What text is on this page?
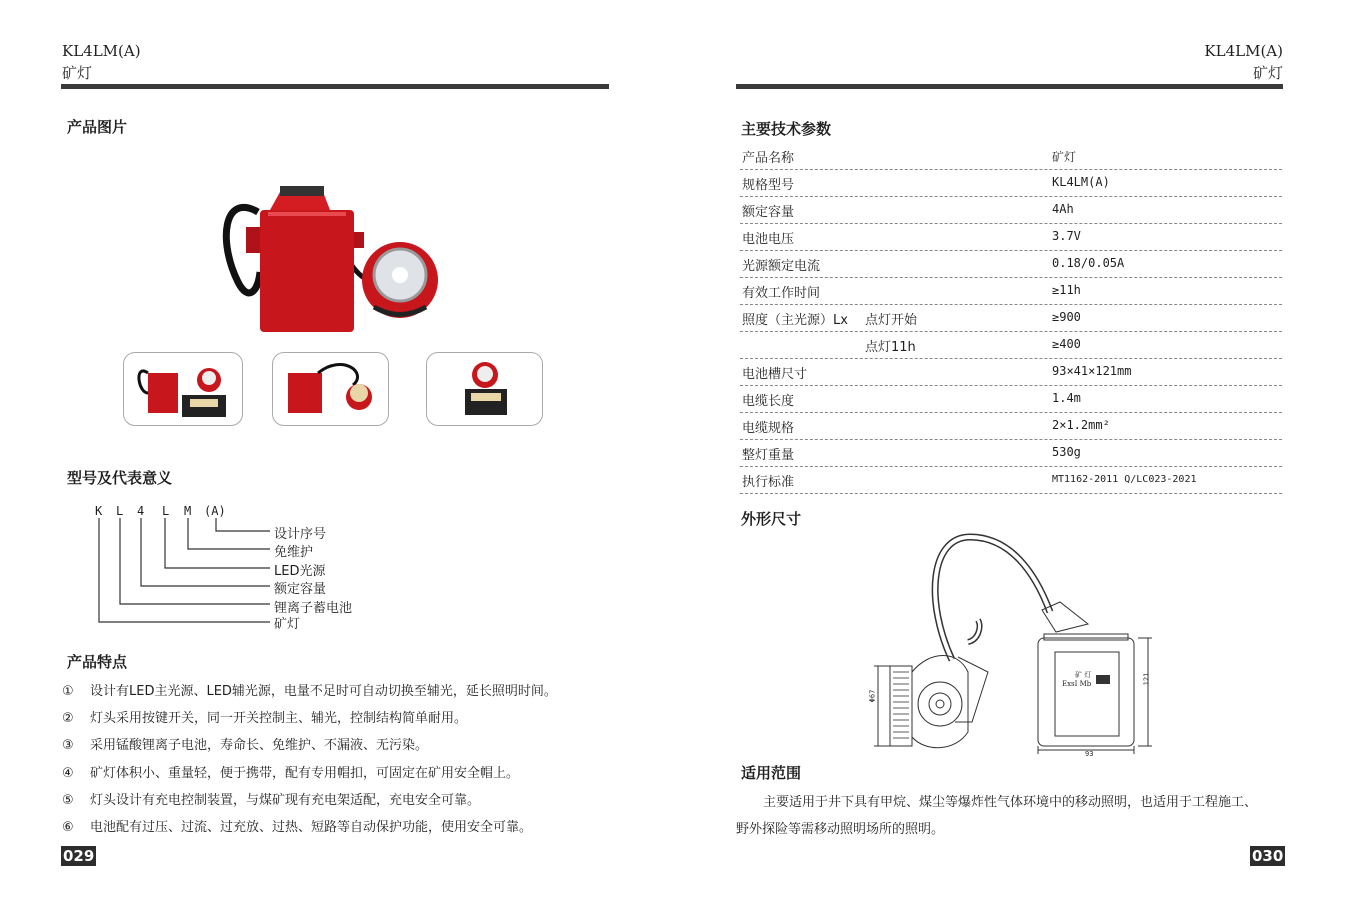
KL4LM(A)
矿灯
产品图片
型号及代表意义
K L 4 L M (A)
设计序号
免维护
LED光源
额定容量
锂离子蓄电池
矿灯
产品特点
① 设计有LED主光源、LED辅光源，电量不足时可自动切换至辅光，延长照明时间。
② 灯头采用按键开关，同一开关控制主、辅光，控制结构简单耐用。
③ 采用锰酸锂离子电池，寿命长、免维护、不漏液、无污染。
④ 矿灯体积小、重量轻，便于携带，配有专用帽扣，可固定在矿用安全帽上。
⑤ 灯头设计有充电控制装置，与煤矿现有充电架适配，充电安全可靠。
⑥ 电池配有过压、过流、过充放、过热、短路等自动保护功能，使用安全可靠。
029
KL4LM(A)
矿灯
主要技术参数
产品名称	矿灯
规格型号	KL4LM(A)
额定容量	4Ah
电池电压	3.7V
光源额定电流	0.18/0.05A
有效工作时间	≥11h
照度（主光源）Lx 点灯开始	≥900
点灯11h	≥400
电池槽尺寸	93×41×121mm
电缆长度	1.4m
电缆规格	2×1.2mm²
整灯重量	530g
执行标准	MT1162-2011 Q/LC023-2021
外形尺寸
Φ67
121
93
矿 灯
ExsI Mb
适用范围
主要适用于井下具有甲烷、煤尘等爆炸性气体环境中的移动照明，也适用于工程施工、
野外探险等需移动照明场所的照明。
030
